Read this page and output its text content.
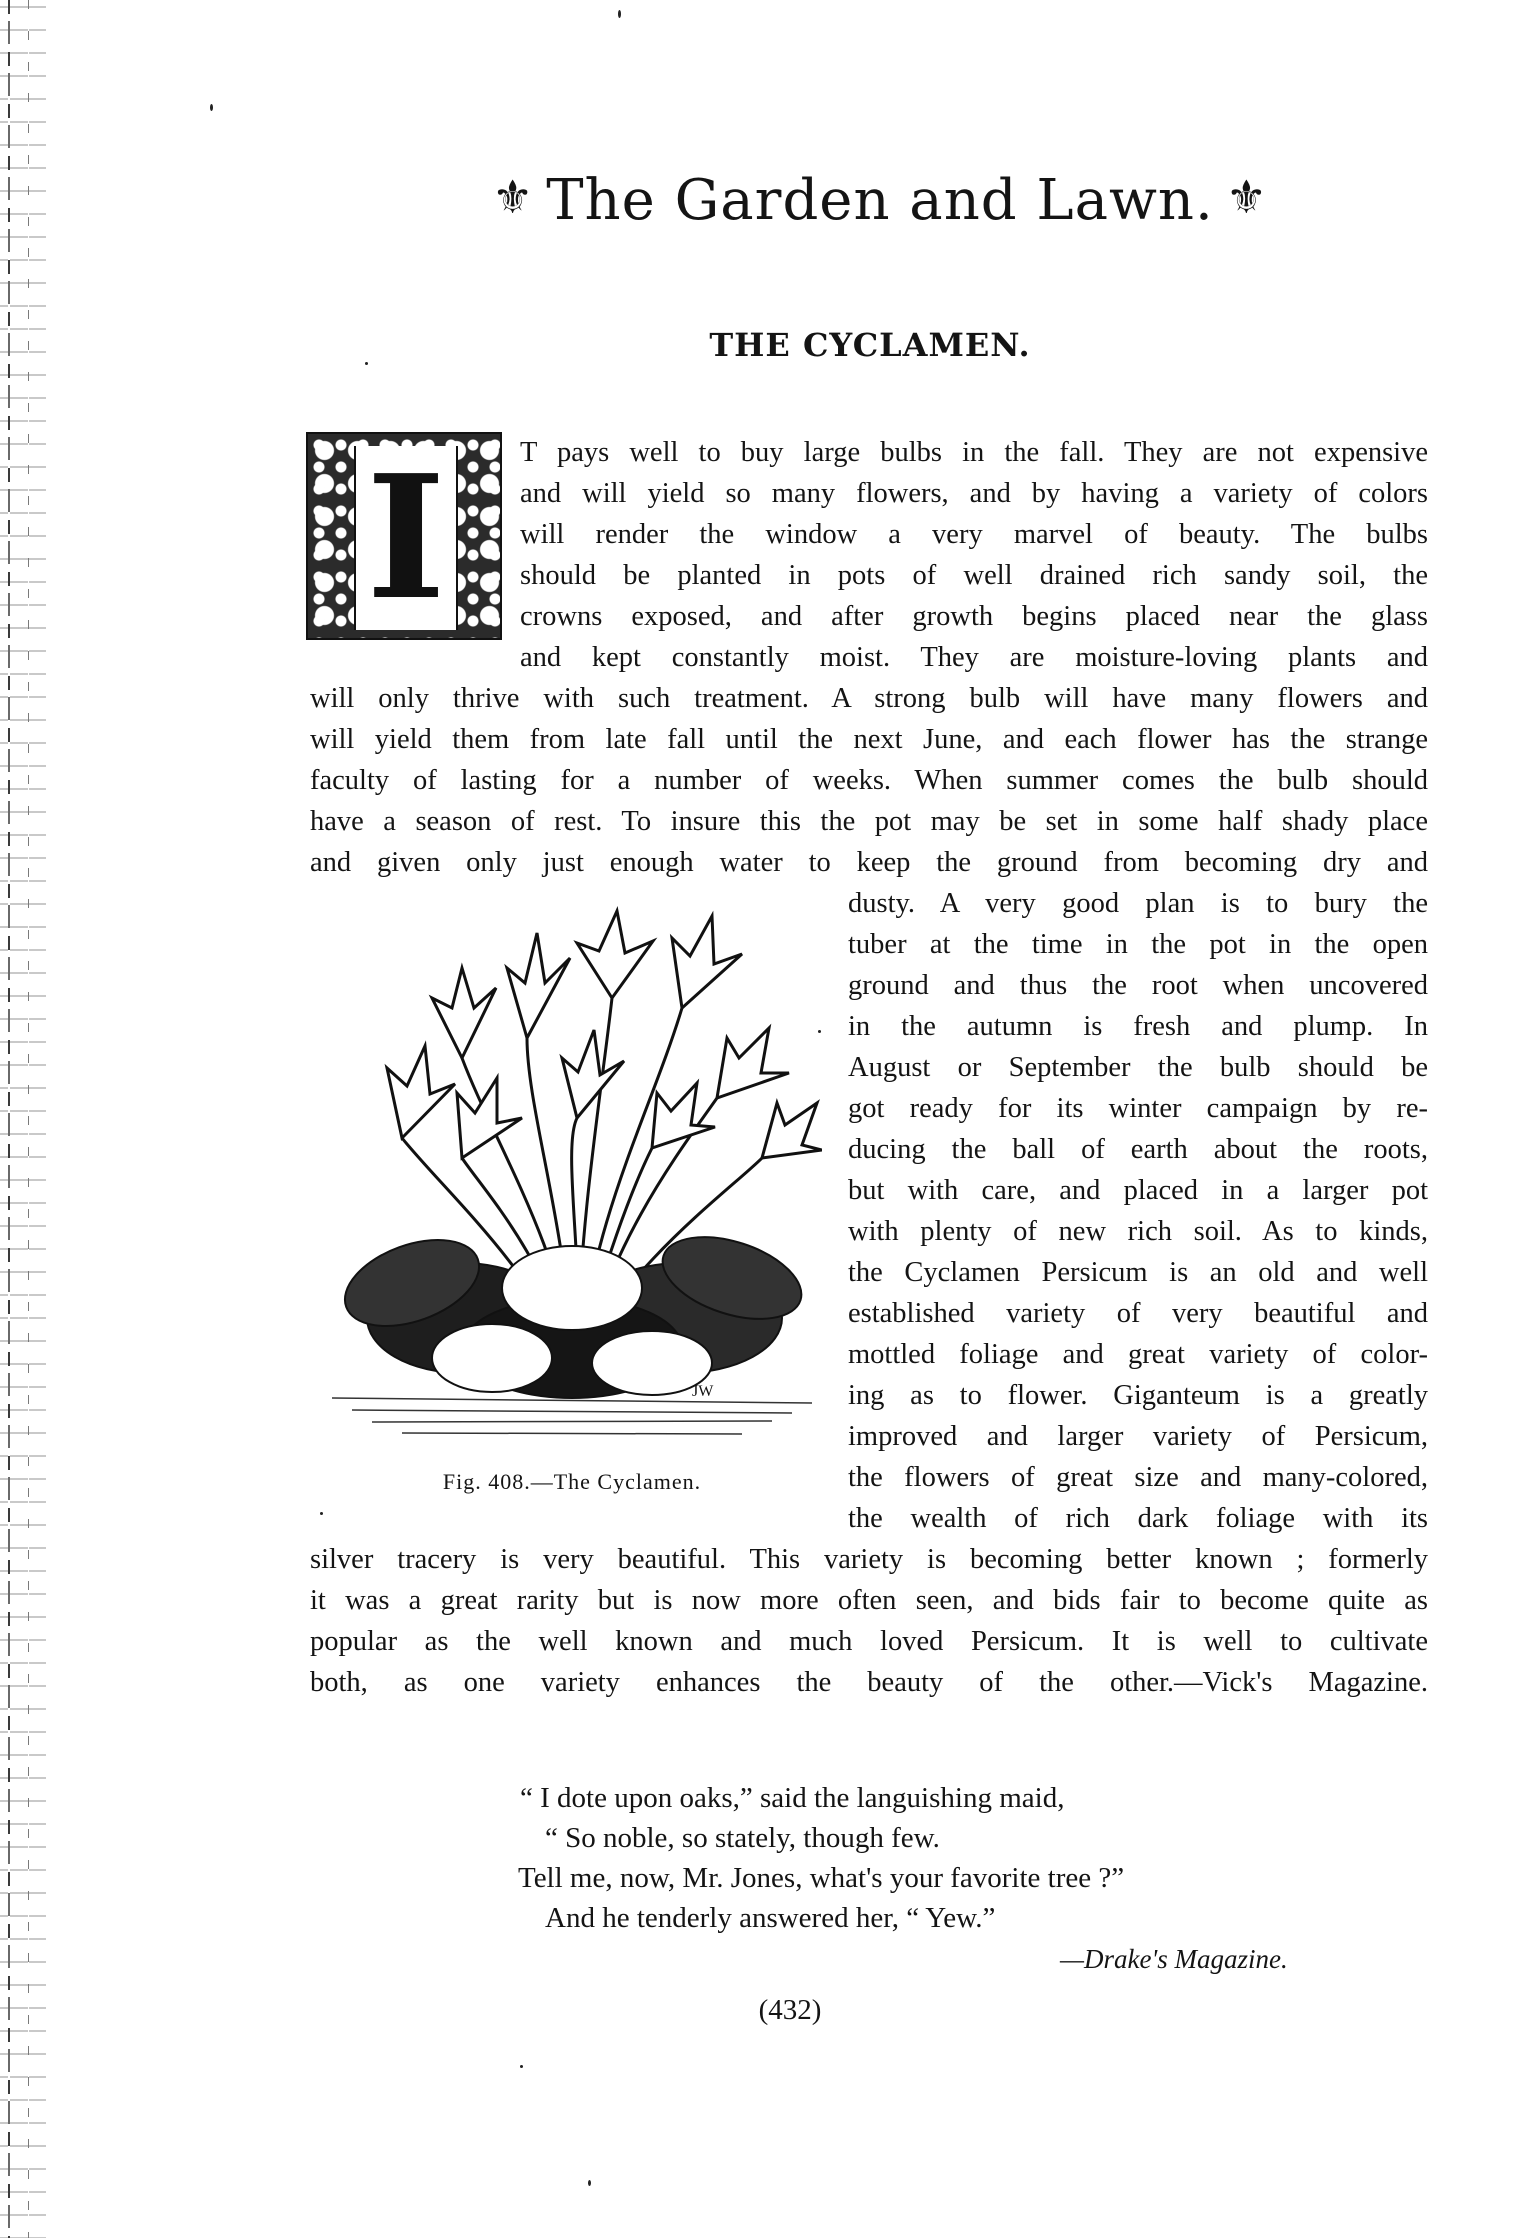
⚜ The Garden and Lawn. ⚜
THE CYCLAMEN.
I	T pays well to buy large bulbs in the fall. They are not expensive
and will yield so many flowers, and by having a variety of colors
will render the window a very marvel of beauty. The bulbs
should be planted in pots of well drained rich sandy soil, the
crowns exposed, and after growth begins placed near the glass
and kept constantly moist. They are moisture-loving plants and
will only thrive with such treatment. A strong bulb will have many flowers and
will yield them from late fall until the next June, and each flower has the strange
faculty of lasting for a number of weeks. When summer comes the bulb should
have a season of rest. To insure this the pot may be set in some half shady place
and given only just enough water to keep the ground from becoming dry and
dusty. A very good plan is to bury the
tuber at the time in the pot in the open
ground and thus the root when uncovered
in the autumn is fresh and plump. In
August or September the bulb should be
got ready for its winter campaign by re-
ducing the ball of earth about the roots,
but with care, and placed in a larger pot
with plenty of new rich soil. As to kinds,
the Cyclamen Persicum is an old and well
established variety of very beautiful and
mottled foliage and great variety of color-
ing as to flower. Giganteum is a greatly
improved and larger variety of Persicum,
the flowers of great size and many-colored,
the wealth of rich dark foliage with its
silver tracery is very beautiful. This variety is becoming better known ; formerly
it was a great rarity but is now more often seen, and bids fair to become quite as
popular as the well known and much loved Persicum. It is well to cultivate
both, as one variety enhances the beauty of the other.—Vick's Magazine.
JW
Fig. 408.—The Cyclamen.
“ I dote upon oaks,” said the languishing maid,
“ So noble, so stately, though few.
Tell me, now, Mr. Jones, what's your favorite tree ?”
And he tenderly answered her, “ Yew.”
—Drake's Magazine.
(432)
